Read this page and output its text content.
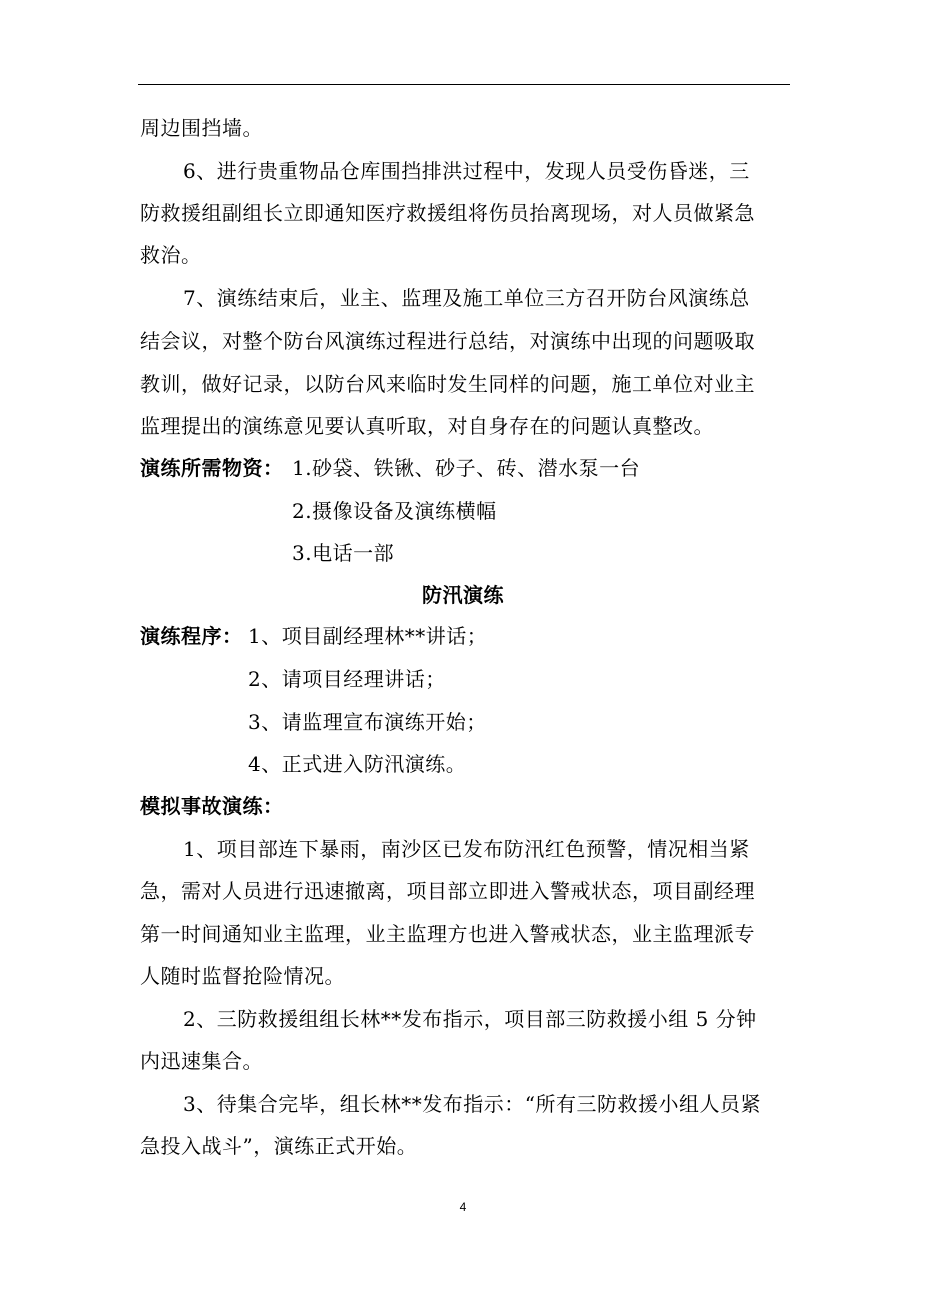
周边围挡墙。
6、进行贵重物品仓库围挡排洪过程中，发现人员受伤昏迷，三
防救援组副组长立即通知医疗救援组将伤员抬离现场，对人员做紧急
救治。
7、演练结束后，业主、监理及施工单位三方召开防台风演练总
结会议，对整个防台风演练过程进行总结，对演练中出现的问题吸取
教训，做好记录，以防台风来临时发生同样的问题，施工单位对业主
监理提出的演练意见要认真听取，对自身存在的问题认真整改。
演练所需物资： 1.砂袋、铁锹、砂子、砖、潜水泵一台
2.摄像设备及演练横幅
3.电话一部
防汛演练
演练程序： 1、项目副经理林**讲话；
2、请项目经理讲话；
3、请监理宣布演练开始；
4、正式进入防汛演练。
模拟事故演练：
1、项目部连下暴雨，南沙区已发布防汛红色预警，情况相当紧
急，需对人员进行迅速撤离，项目部立即进入警戒状态，项目副经理
第一时间通知业主监理，业主监理方也进入警戒状态，业主监理派专
人随时监督抢险情况。
2、三防救援组组长林**发布指示，项目部三防救援小组 5 分钟
内迅速集合。
3、待集合完毕，组长林**发布指示：“所有三防救援小组人员紧
急投入战斗”，演练正式开始。
4
